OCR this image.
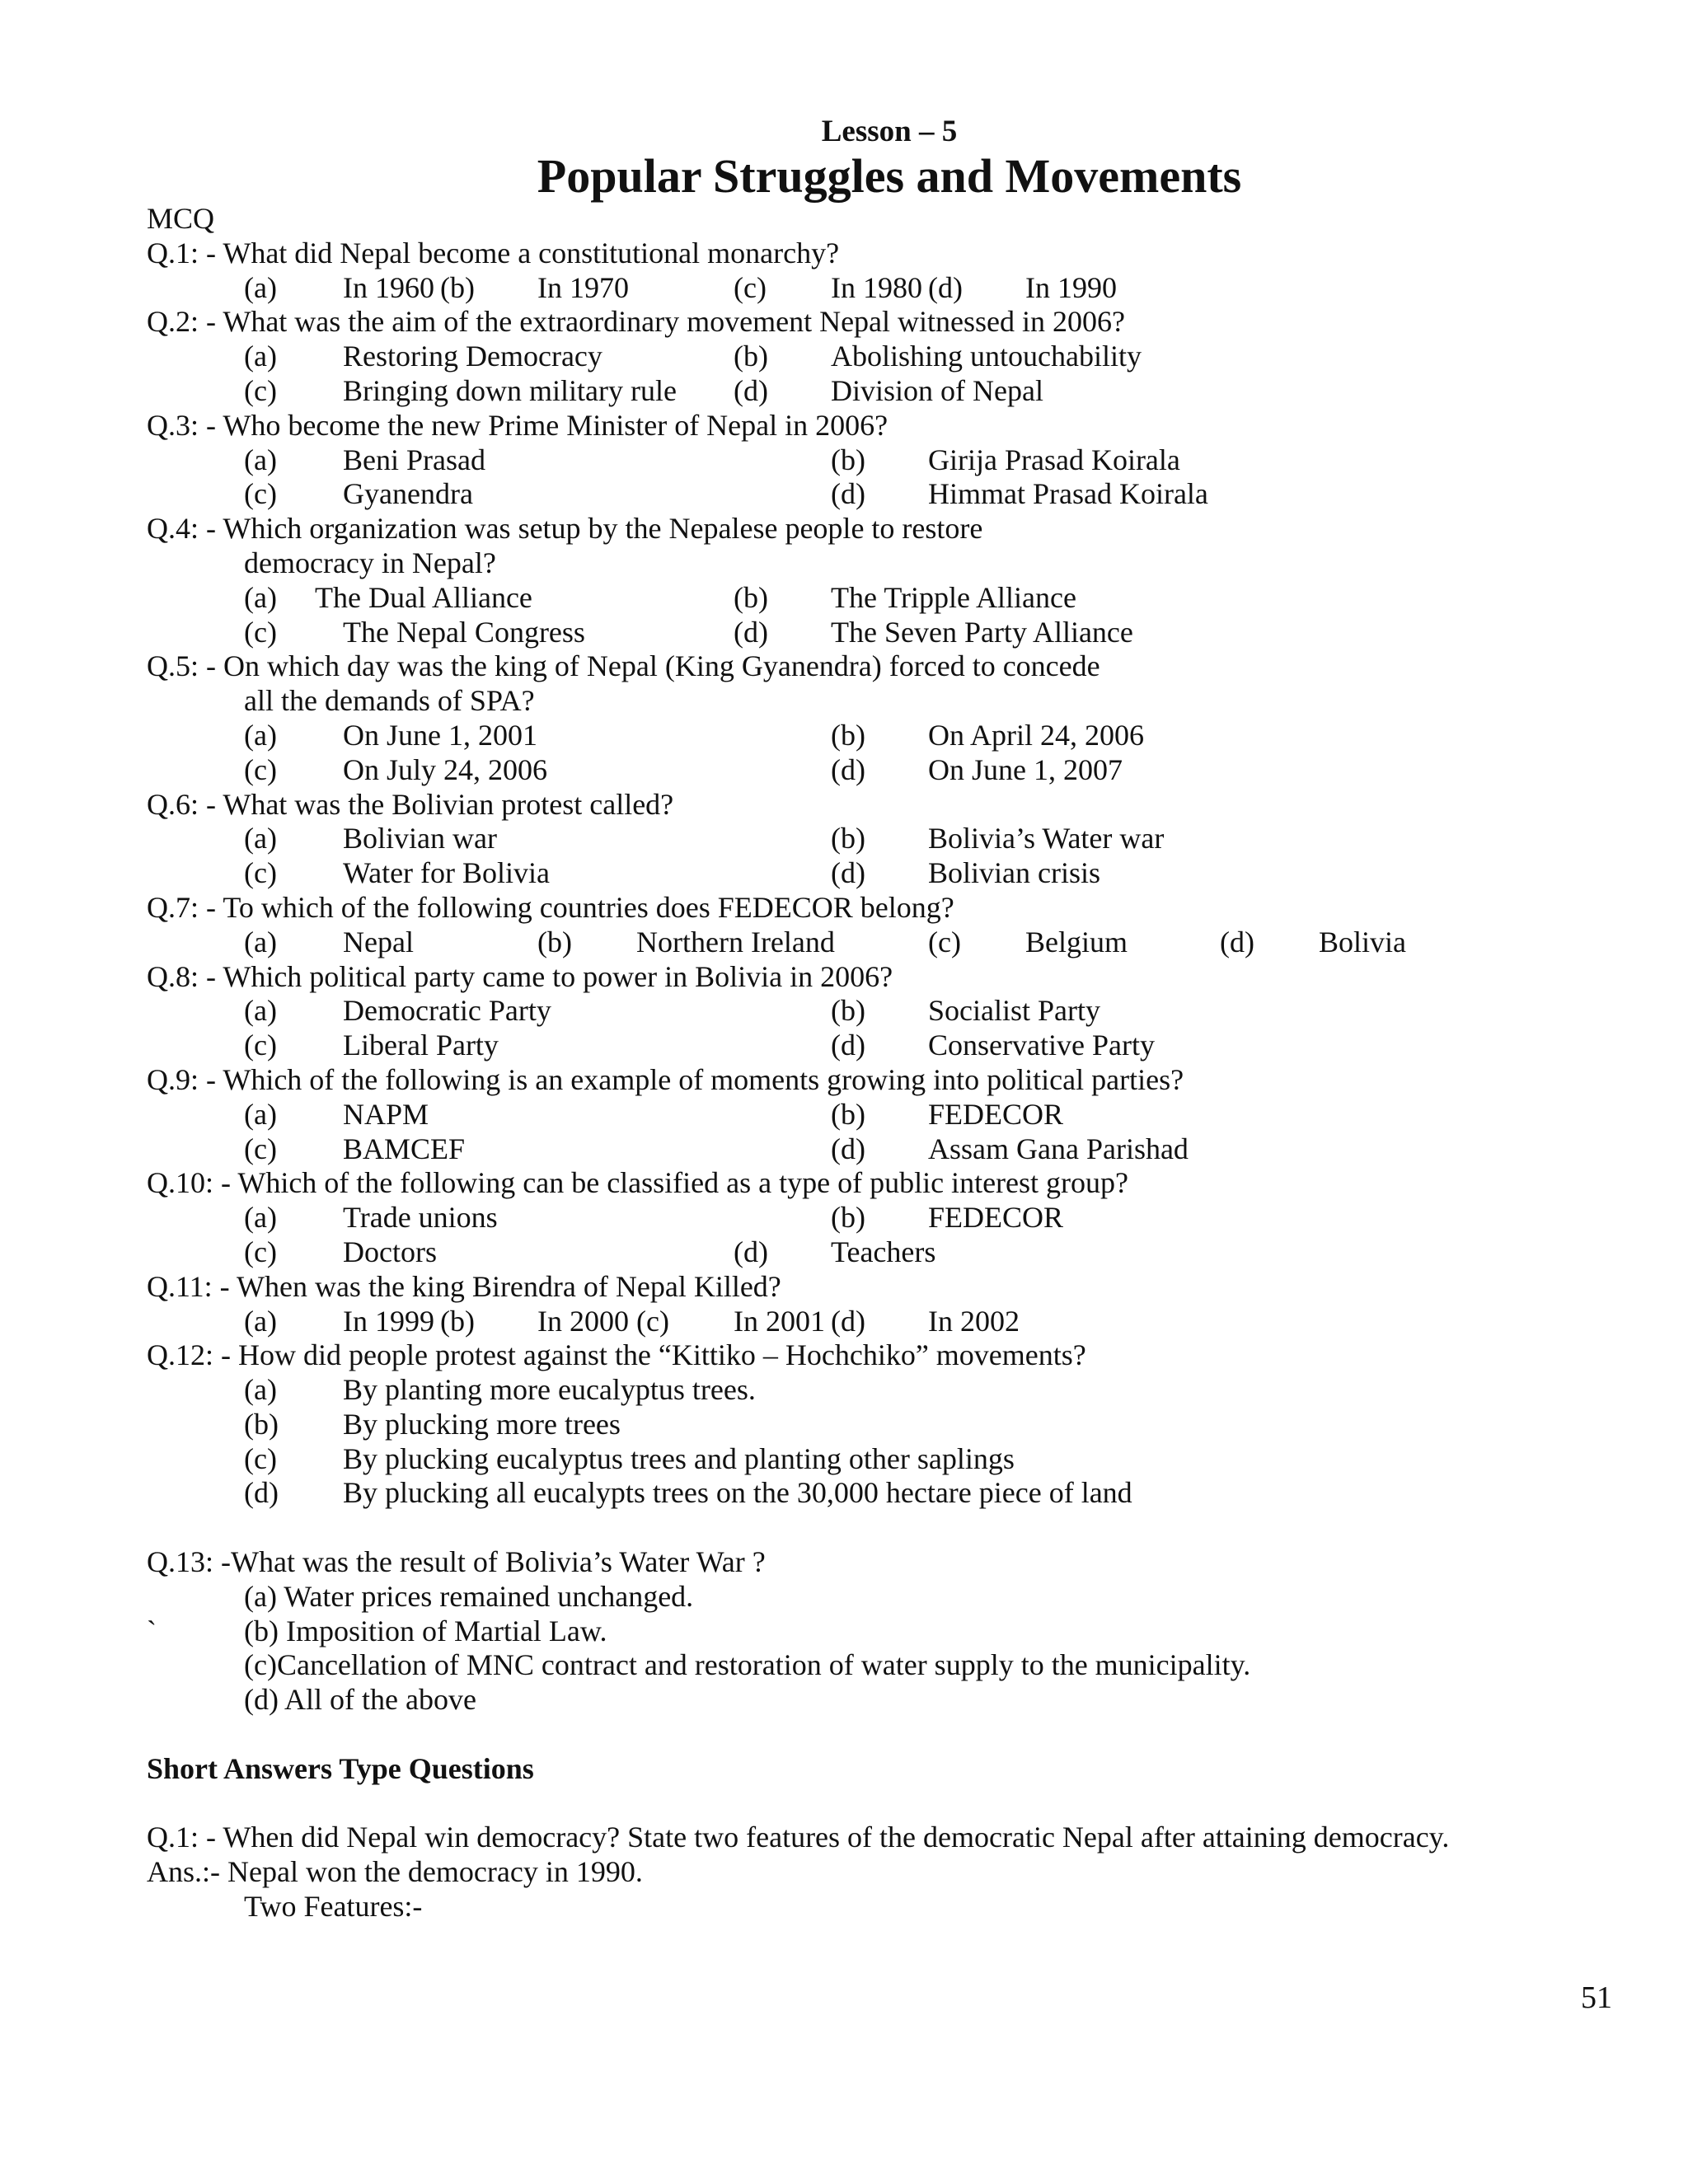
Lesson – 5
Popular Struggles and Movements
MCQ
Q.1: - What did Nepal become a constitutional monarchy?
(a) In 1960 (b) In 1970	(c) In 1980 (d) In 1990
Q.2: - What was the aim of the extraordinary movement Nepal witnessed in 2006?
(a) Restoring Democracy	(b) Abolishing untouchability
(c) Bringing down military rule (d) Division of Nepal
Q.3: - Who become the new Prime Minister of Nepal in 2006?
(a) Beni Prasad	(b) Girija Prasad Koirala
(c) Gyanendra	(d) Himmat Prasad Koirala
Q.4: - Which organization was setup by the Nepalese people to restore
democracy in Nepal?
(a) The Dual Alliance	(b) The Tripple Alliance
(c) The Nepal Congress	(d) The Seven Party Alliance
Q.5: - On which day was the king of Nepal (King Gyanendra) forced to concede
all the demands of SPA?
(a) On June 1, 2001	(b) On April 24, 2006
(c) On July 24, 2006	(d) On June 1, 2007
Q.6: - What was the Bolivian protest called?
(a) Bolivian war	(b) Bolivia’s Water war
(c) Water for Bolivia	(d) Bolivian crisis
Q.7: - To which of the following countries does FEDECOR belong?
(a) Nepal	(b) Northern Ireland	(c) Belgium	(d) Bolivia
Q.8: - Which political party came to power in Bolivia in 2006?
(a) Democratic Party	(b) Socialist Party
(c) Liberal Party	(d) Conservative Party
Q.9: - Which of the following is an example of moments growing into political parties?
(a) NAPM	(b) FEDECOR
(c) BAMCEF	(d) Assam Gana Parishad
Q.10: - Which of the following can be classified as a type of public interest group?
(a) Trade unions	(b) FEDECOR
(c) Doctors	(d) Teachers
Q.11: - When was the king Birendra of Nepal Killed?
(a) In 1999 (b) In 2000 (c) In 2001 (d) In 2002
Q.12: - How did people protest against the “Kittiko – Hochchiko” movements?
(a) By planting more eucalyptus trees.
(b) By plucking more trees
(c) By plucking eucalyptus trees and planting other saplings
(d) By plucking all eucalypts trees on the 30,000 hectare piece of land
Q.13: -What was the result of Bolivia’s Water War ?
(a) Water prices remained unchanged.
`	(b) Imposition of Martial Law.
(c)Cancellation of MNC contract and restoration of water supply to the municipality.
(d) All of the above
Short Answers Type Questions
Q.1: - When did Nepal win democracy? State two features of the democratic Nepal after attaining democracy.
Ans.:- Nepal won the democracy in 1990.
Two Features:-
51
